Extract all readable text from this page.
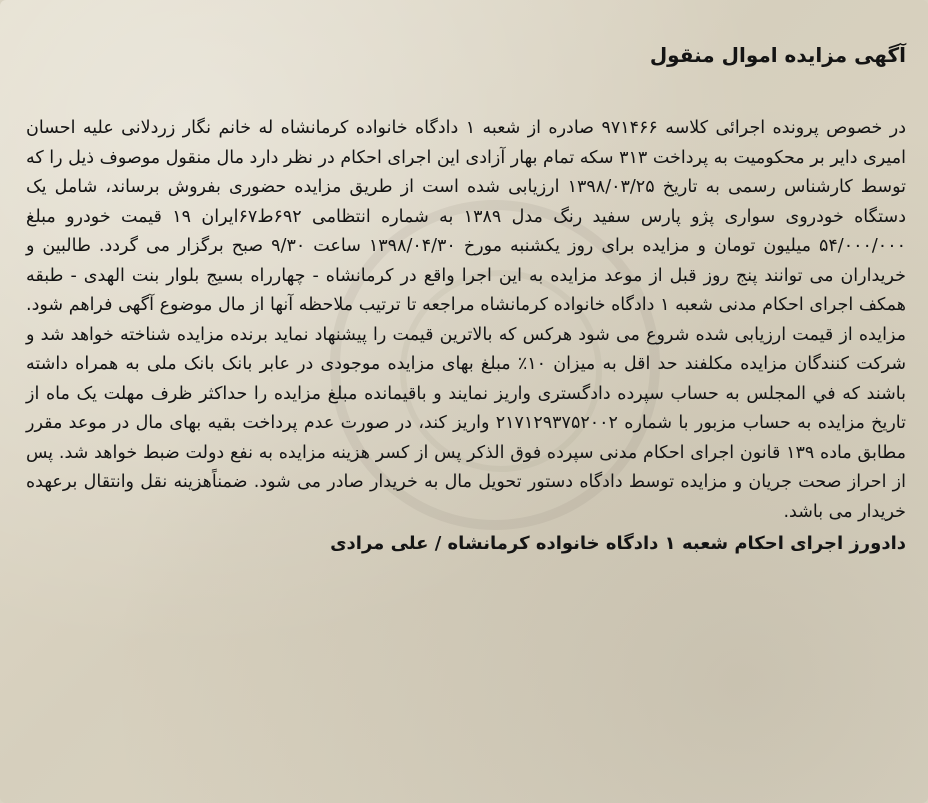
آگهی مزایده اموال منقول

در خصوص پرونده اجرائی کلاسه ۹۷۱۴۶۶ صادره از شعبه ۱ دادگاه خانواده کرمانشاه له خانم نگار زردلانی علیه احسان امیری دایر بر محکومیت به پرداخت ۳۱۳ سکه تمام بهار آزادی این اجرای احکام در نظر دارد مال منقول موصوف ذیل را که توسط کارشناس رسمی به تاریخ ۱۳۹۸/۰۳/۲۵ ارزیابی شده است از طریق مزایده حضوری بفروش برساند، شامل یک دستگاه خودروی سواری پژو پارس سفید رنگ مدل ۱۳۸۹ به شماره انتظامی ۶۹۲ط۶۷ایران ۱۹ قیمت خودرو مبلغ ۵۴/۰۰۰/۰۰۰ میلیون تومان و مزایده برای روز یکشنبه مورخ ۱۳۹۸/۰۴/۳۰ ساعت ۹/۳۰ صبح برگزار می گردد. طالبین و خریداران می توانند پنج روز قبل از موعد مزایده به این اجرا واقع در کرمانشاه - چهارراه بسیج بلوار بنت الهدی - طبقه همکف اجرای احکام مدنی شعبه ۱ دادگاه خانواده کرمانشاه مراجعه تا ترتیب ملاحظه آنها از مال موضوع آگهی فراهم شود. مزایده از قیمت ارزیابی شده شروع می شود هرکس که بالاترین قیمت را پیشنهاد نماید برنده مزایده شناخته خواهد شد و شرکت کنندگان مزایده مکلفند حد اقل به میزان ۱۰٪ مبلغ بهای مزایده موجودی در عابر بانک بانک ملی به همراه داشته باشند که في المجلس به حساب سپرده دادگستری واریز نمایند و باقیمانده مبلغ مزایده را حداکثر ظرف مهلت یک ماه از تاریخ مزایده به حساب مزبور با شماره ۲۱۷۱۲۹۳۷۵۲۰۰۲ واریز کند، در صورت عدم پرداخت بقیه بهای مال در موعد مقرر مطابق ماده ۱۳۹ قانون اجرای احکام مدنی سپرده فوق الذکر پس از کسر هزینه مزایده به نفع دولت ضبط خواهد شد. پس از احراز صحت جریان و مزایده توسط دادگاه دستور تحویل مال به خریدار صادر می شود. ضمناًهزینه نقل وانتقال برعهده خریدار می باشد.

دادورز اجرای احکام شعبه ۱ دادگاه خانواده کرمانشاه / علی مرادی
